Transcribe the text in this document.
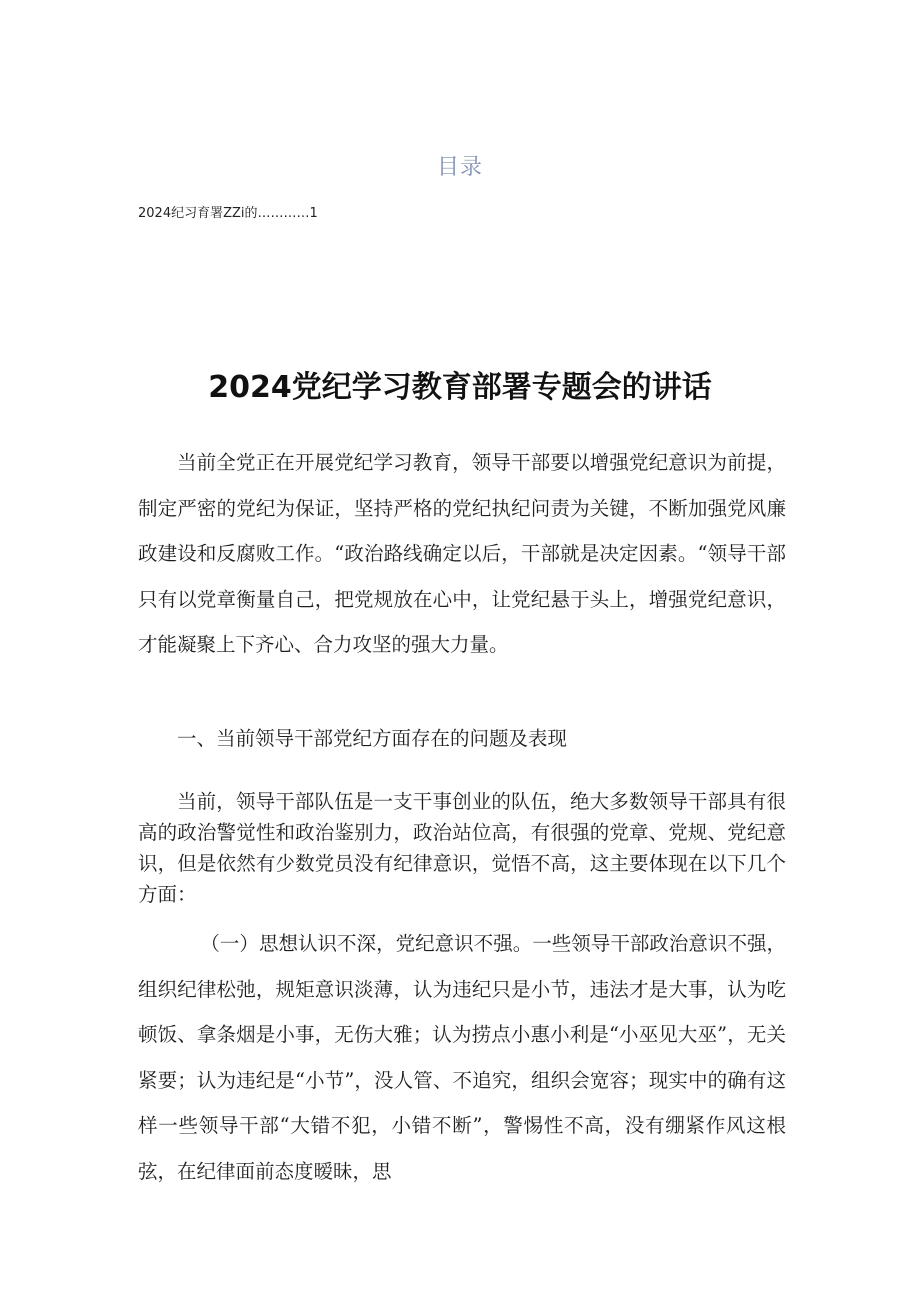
目录
2024纪习育署ZZi的…………1
2024党纪学习教育部署专题会的讲话

当前全党正在开展党纪学习教育，领导干部要以增强党纪意识为前提，制定严密的党纪为保证，坚持严格的党纪执纪问责为关键，不断加强党风廉政建设和反腐败工作。“政治路线确定以后，干部就是决定因素。“领导干部只有以党章衡量自己，把党规放在心中，让党纪悬于头上，增强党纪意识，才能凝聚上下齐心、合力攻坚的强大力量。

一、当前领导干部党纪方面存在的问题及表现

当前，领导干部队伍是一支干事创业的队伍，绝大多数领导干部具有很高的政治警觉性和政治鉴别力，政治站位高，有很强的党章、党规、党纪意识，但是依然有少数党员没有纪律意识，觉悟不高，这主要体现在以下几个方面：

（一）思想认识不深，党纪意识不强。一些领导干部政治意识不强，组织纪律松弛，规矩意识淡薄，认为违纪只是小节，违法才是大事，认为吃顿饭、拿条烟是小事，无伤大雅；认为捞点小惠小利是“小巫见大巫”，无关紧要；认为违纪是“小节”，没人管、不追究，组织会宽容；现实中的确有这样一些领导干部“大错不犯，小错不断”，警惕性不高，没有绷紧作风这根弦，在纪律面前态度暧昧，思
